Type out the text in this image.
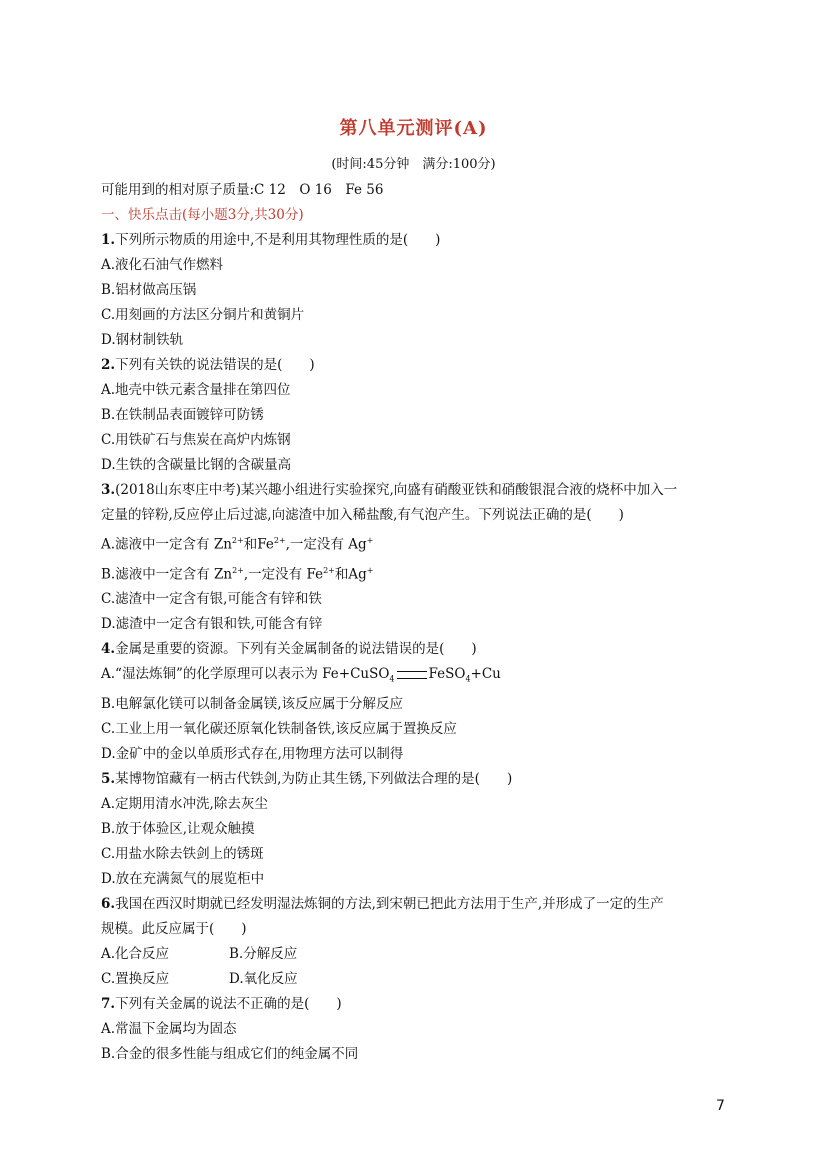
第八单元测评(A)
(时间:45分钟　满分:100分)
可能用到的相对原子质量:C 12　O 16　Fe 56
一、快乐点击(每小题3分,共30分)
1.下列所示物质的用途中,不是利用其物理性质的是(　　)
A.液化石油气作燃料
B.铝材做高压锅
C.用刻画的方法区分铜片和黄铜片
D.钢材制铁轨
2.下列有关铁的说法错误的是(　　)
A.地壳中铁元素含量排在第四位
B.在铁制品表面镀锌可防锈
C.用铁矿石与焦炭在高炉内炼钢
D.生铁的含碳量比钢的含碳量高
3.(2018山东枣庄中考)某兴趣小组进行实验探究,向盛有硝酸亚铁和硝酸银混合液的烧杯中加入一
定量的锌粉,反应停止后过滤,向滤渣中加入稀盐酸,有气泡产生。下列说法正确的是(　　)
A.滤液中一定含有 $Zn^{2+}$和$Fe^{2+}$,一定没有 Ag+
B.滤液中一定含有 $Zn^{2+}$,一定没有 $Fe^{2+}$和Ag+
C.滤渣中一定含有银,可能含有锌和铁
D.滤渣中一定含有银和铁,可能含有锌
4.金属是重要的资源。下列有关金属制备的说法错误的是(　　)
A.“湿法炼铜”的化学原理可以表示为 Fe+CuSO$_4$	FeSO$_4$+Cu
B.电解氯化镁可以制备金属镁,该反应属于分解反应
C.工业上用一氧化碳还原氧化铁制备铁,该反应属于置换反应
D.金矿中的金以单质形式存在,用物理方法可以制得
5.某博物馆藏有一柄古代铁剑,为防止其生锈,下列做法合理的是(　　)
A.定期用清水冲洗,除去灰尘
B.放于体验区,让观众触摸
C.用盐水除去铁剑上的锈斑
D.放在充满氮气的展览柜中
6.我国在西汉时期就已经发明湿法炼铜的方法,到宋朝已把此方法用于生产,并形成了一定的生产
规模。此反应属于(　　)
A.化合反应	B.分解反应
C.置换反应	D.氧化反应
7.下列有关金属的说法不正确的是(　　)
A.常温下金属均为固态
B.合金的很多性能与组成它们的纯金属不同
7
